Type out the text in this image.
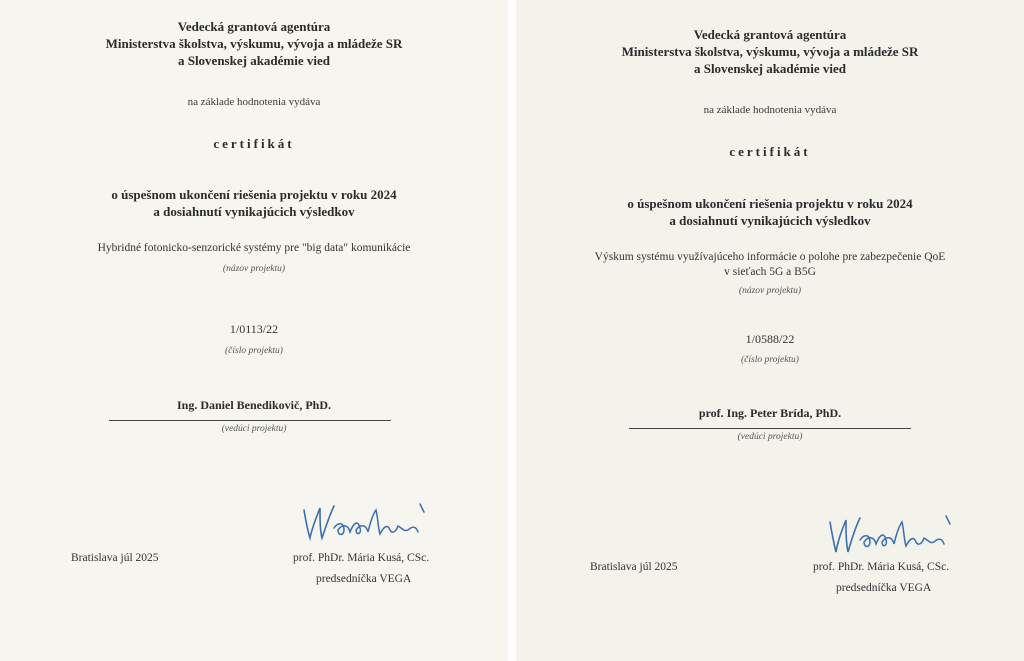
Vedecká grantová agentúra
Ministerstva školstva, výskumu, vývoja a mládeže SR
a Slovenskej akadémie vied
na základe hodnotenia vydáva
certifikát
o úspešnom ukončení riešenia projektu v roku 2024
a dosiahnutí vynikajúcich výsledkov
Hybridné fotonicko-senzorické systémy pre "big data" komunikácie
(názov projektu)
1/0113/22
(číslo projektu)
Ing. Daniel Benedikovič, PhD.
(vedúci projektu)
Bratislava júl 2025	prof. PhDr. Mária Kusá, CSc.
predsedníčka VEGA
Vedecká grantová agentúra
Ministerstva školstva, výskumu, vývoja a mládeže SR
a Slovenskej akadémie vied
na základe hodnotenia vydáva
certifikát
o úspešnom ukončení riešenia projektu v roku 2024
a dosiahnutí vynikajúcich výsledkov
Výskum systému využívajúceho informácie o polohe pre zabezpečenie QoE
v sieťach 5G a B5G
(názov projektu)
1/0588/22
(číslo projektu)
prof. Ing. Peter Brída, PhD.
(vedúci projektu)
Bratislava júl 2025	prof. PhDr. Mária Kusá, CSc.
predsedníčka VEGA
